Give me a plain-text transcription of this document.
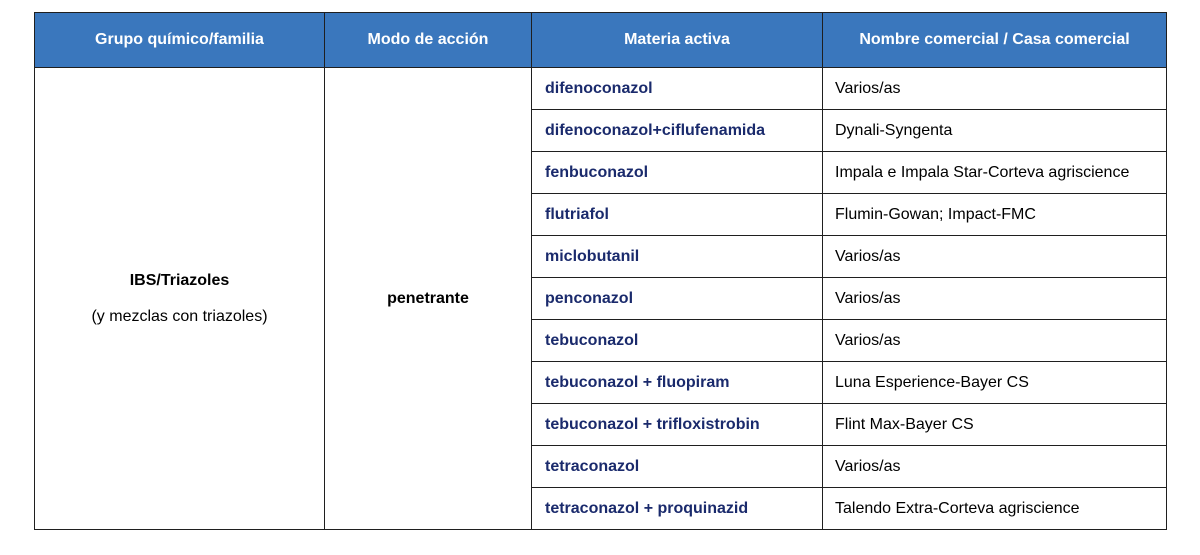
Grupo químico/familia	Modo de acción	Materia activa	Nombre comercial / Casa comercial

IBS/Triazoles
(y mezclas con triazoles)	penetrante	difenoconazol	Varios/as
		difenoconazol+ciflufenamida	Dynali-Syngenta
		fenbuconazol	Impala e Impala Star-Corteva agriscience
		flutriafol	Flumin-Gowan; Impact-FMC
		miclobutanil	Varios/as
		penconazol	Varios/as
		tebuconazol	Varios/as
		tebuconazol + fluopiram	Luna Esperience-Bayer CS
		tebuconazol + trifloxistrobin	Flint Max-Bayer CS
		tetraconazol	Varios/as
		tetraconazol + proquinazid	Talendo Extra-Corteva agriscience
